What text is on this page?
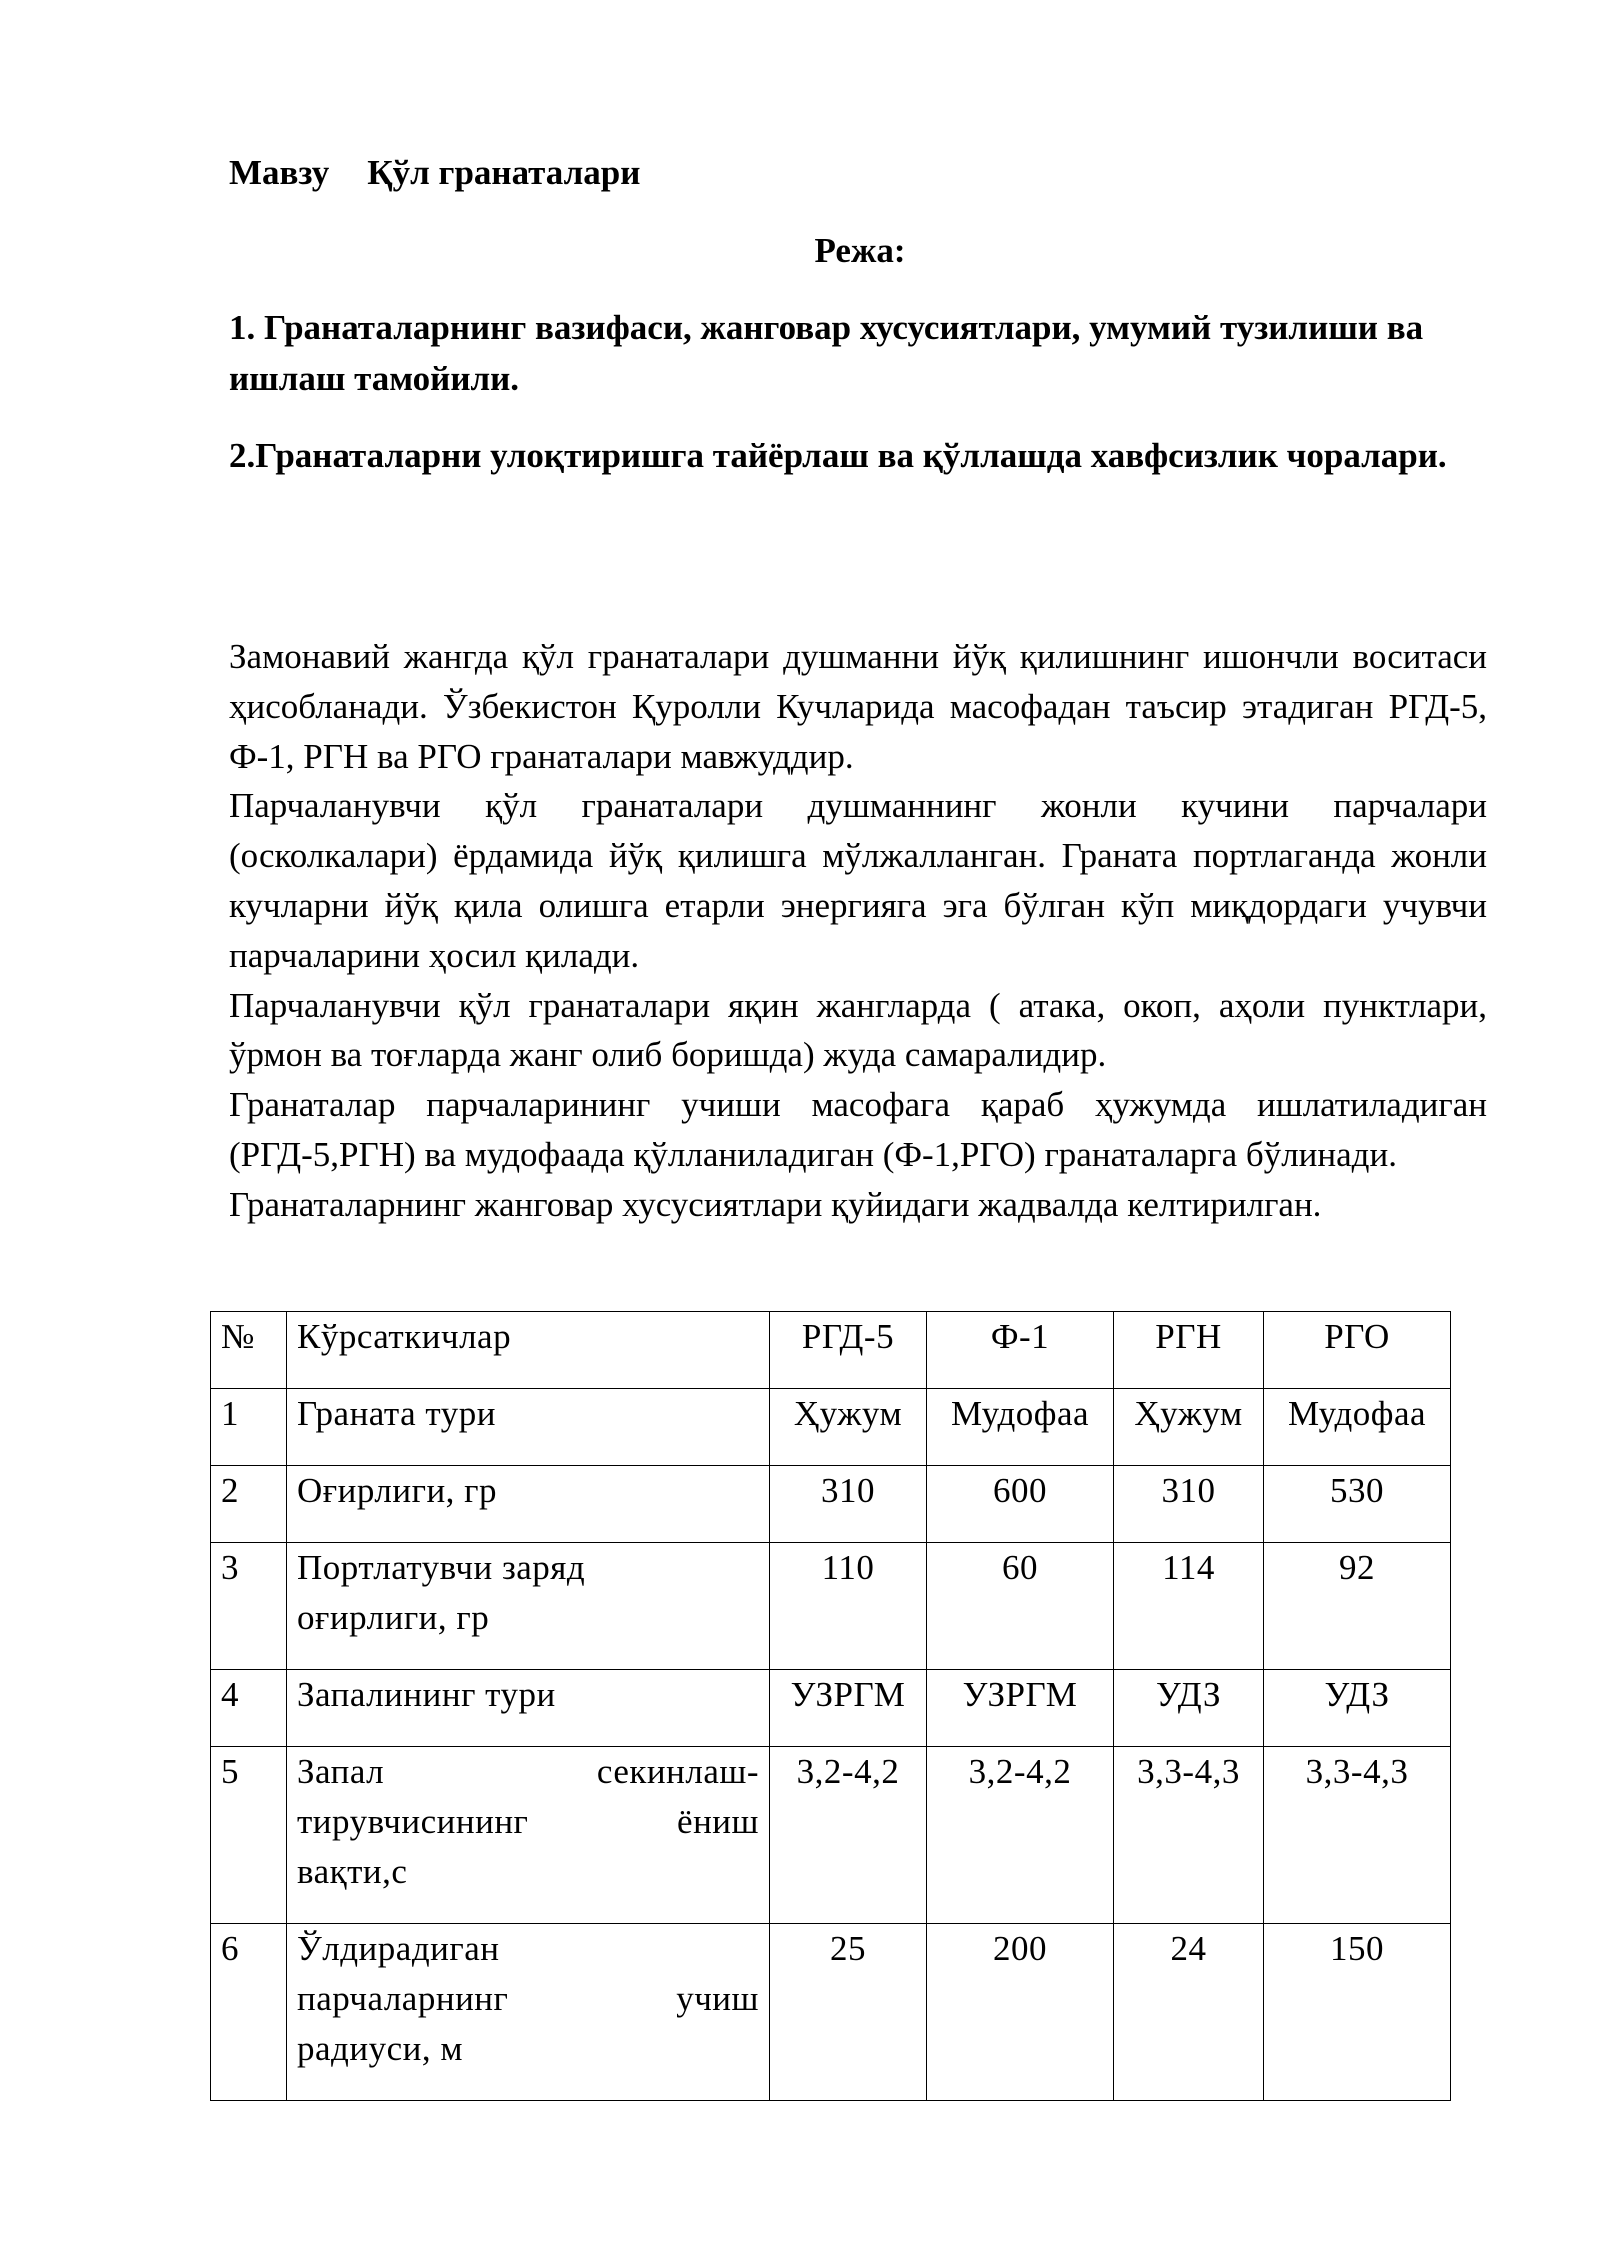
Мавзу Қўл гранаталари
Режа:
1. Гранаталарнинг вазифаси, жанговар хусусиятлари, умумий тузилиши ва ишлаш тамойили.
2.Гранаталарни улоқтиришга тайёрлаш ва қўллашда хавфсизлик чоралари.

Замонавий жангда қўл гранаталари душманни йўқ қилишнинг ишончли воситаси ҳисобланади. Ўзбекистон Қуролли Кучларида масофадан таъсир этадиган РГД-5, Ф-1, РГН ва РГО гранаталари мавжуддир.

Парчаланувчи қўл гранаталари душманнинг жонли кучини парчалари (осколкалари) ёрдамида йўқ қилишга мўлжалланган. Граната портлаганда жонли кучларни йўқ қила олишга етарли энергияга эга бўлган кўп миқдордаги учувчи парчаларини ҳосил қилади.

Парчаланувчи қўл гранаталари яқин жангларда ( атака, окоп, аҳоли пунктлари, ўрмон ва тоғларда жанг олиб боришда) жуда самаралидир.

Гранаталар парчаларининг учиши масофага қараб ҳужумда ишлатиладиган (РГД-5,РГН) ва мудофаада қўлланиладиган (Ф-1,РГО) гранаталарга бўлинади.

Гранаталарнинг жанговар хусусиятлари қуйидаги жадвалда келтирилган.

№	Кўрсаткичлар	РГД-5	Ф-1	РГН	РГО
1	Граната тури	Ҳужум	Мудофаа	Ҳужум	Мудофаа
2	Оғирлиги, гр	310	600	310	530
3	Портлатувчи заряд
оғирлиги, гр	110	60	114	92
4	Запалининг тури	УЗРГМ	УЗРГМ	УДЗ	УДЗ
5	Запал секинлаш-
тирувчисининг ёниш
вақти,с	3,2-4,2	3,2-4,2	3,3-4,3	3,3-4,3
6	Ўлдирадиган
парчаларнинг учиш
радиуси, м	25	200	24	150
